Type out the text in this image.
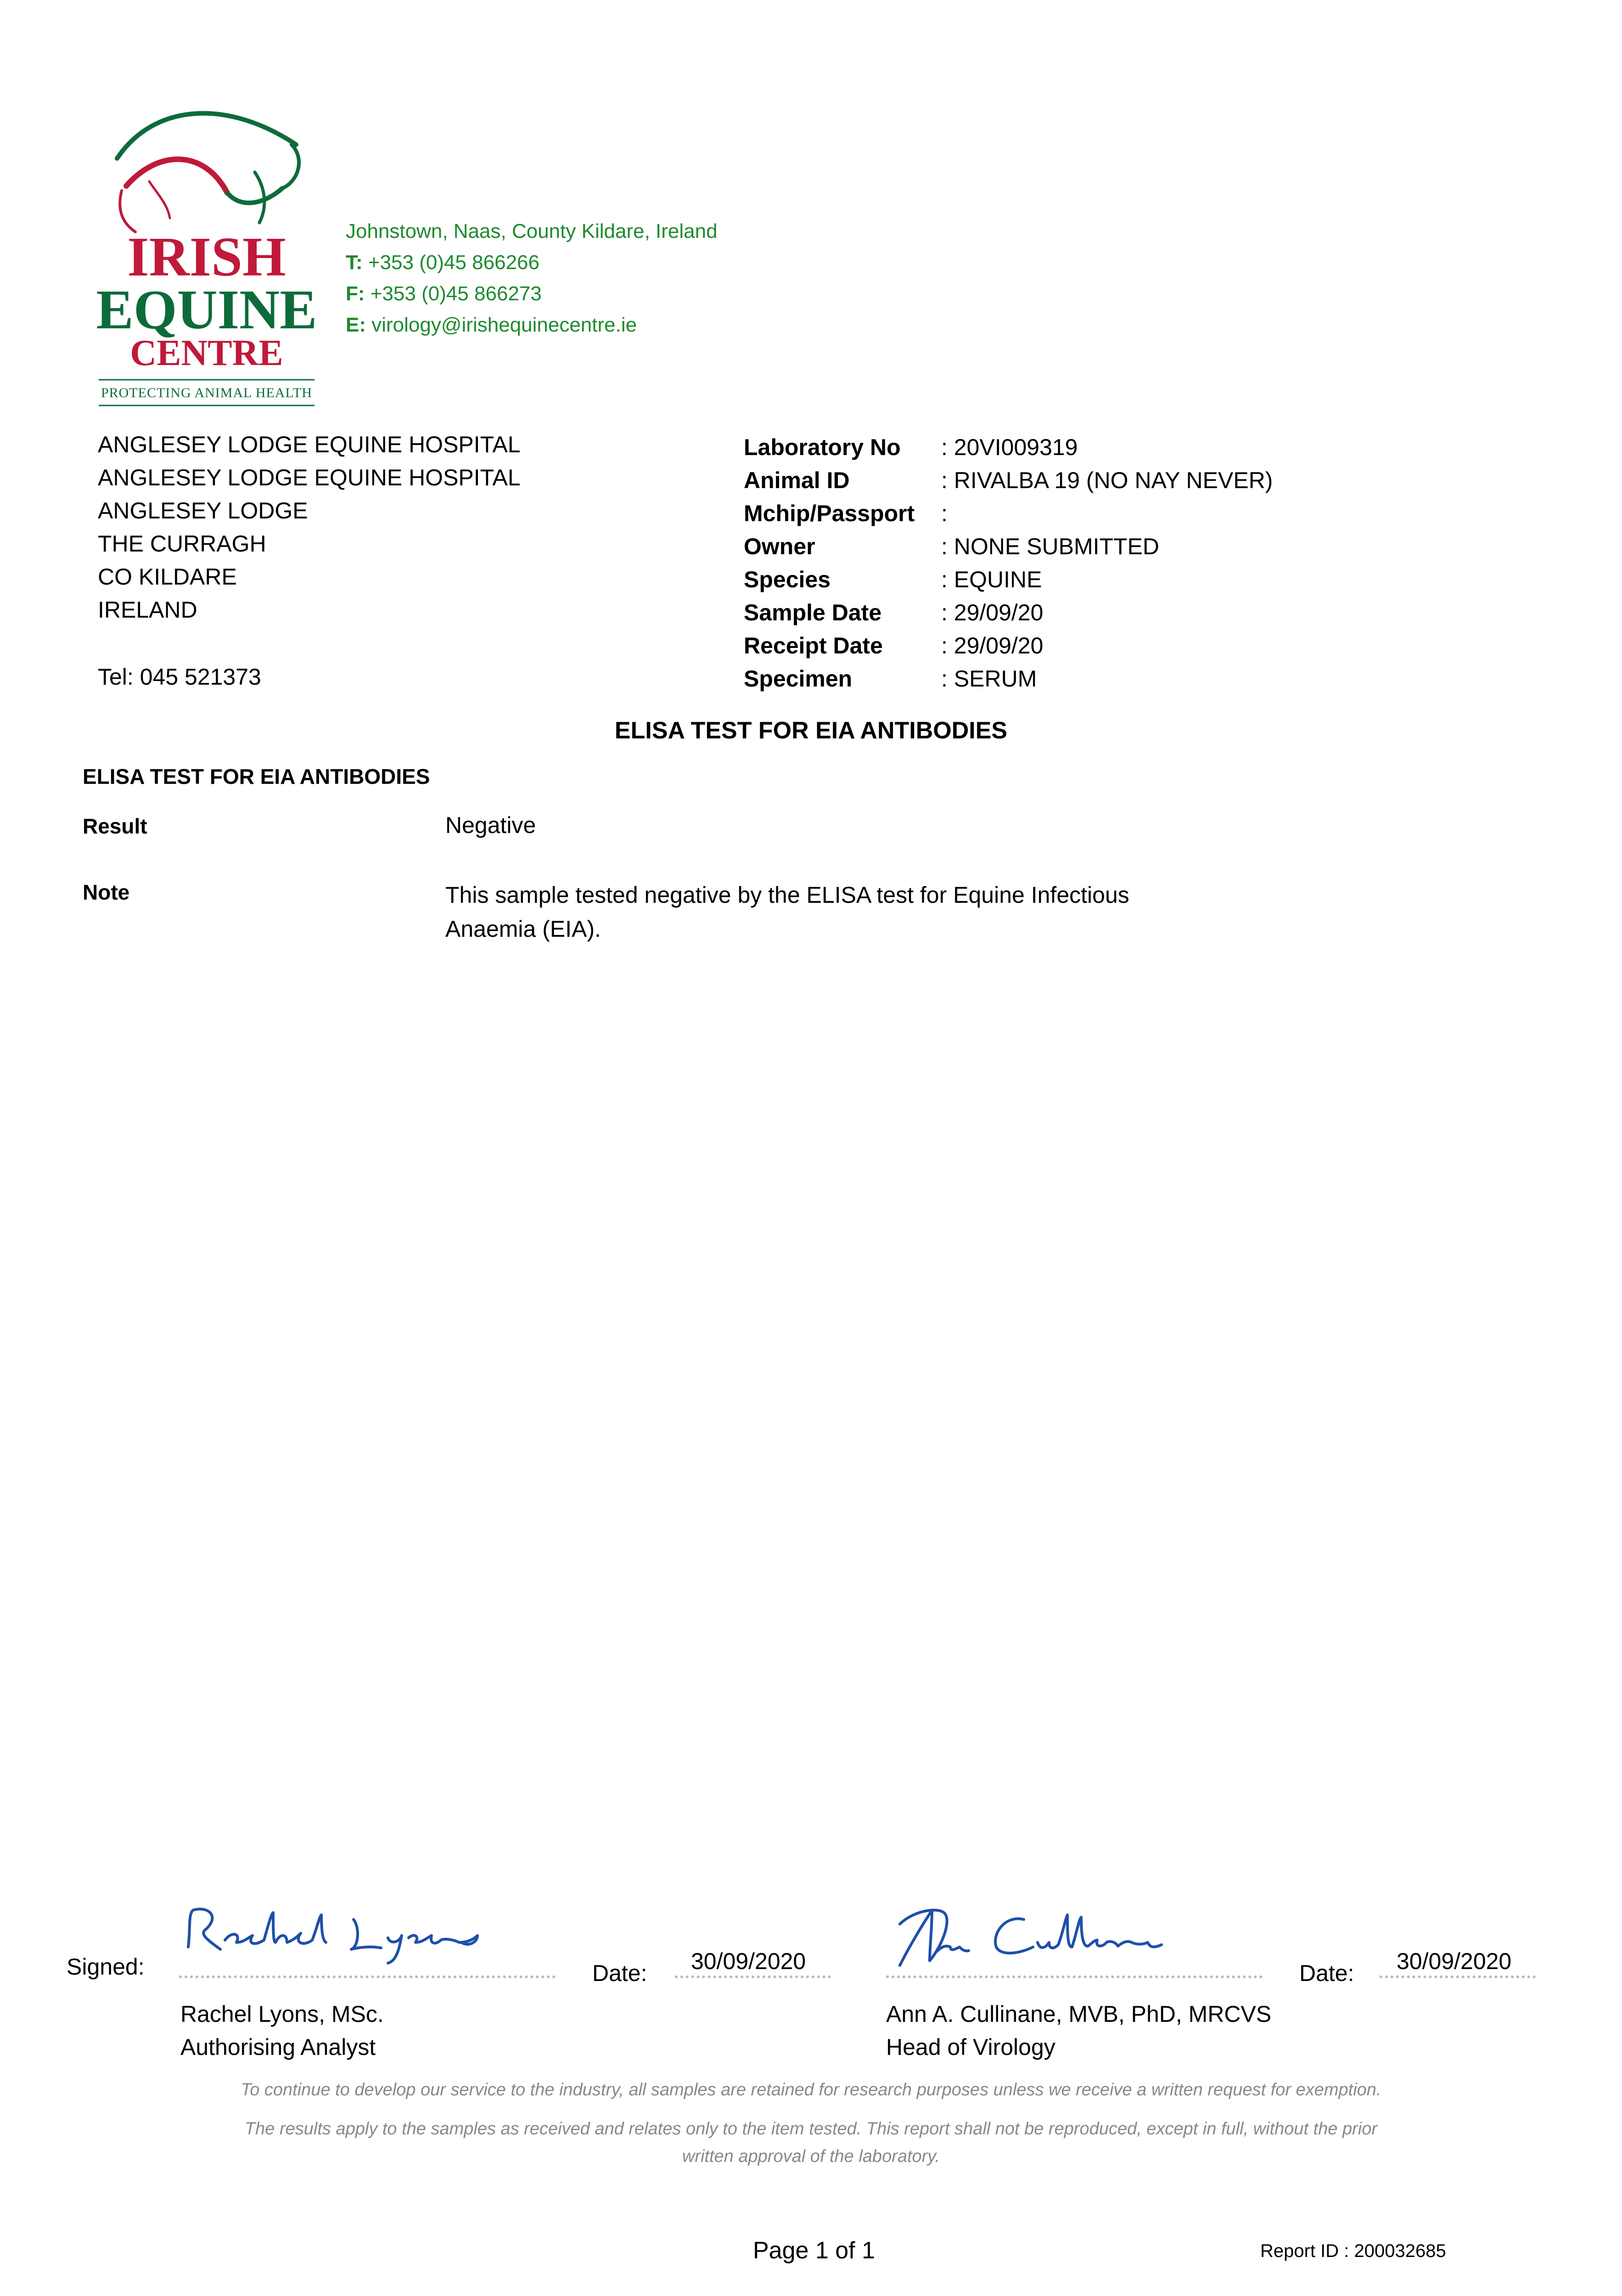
IRISH
EQUINE
CENTRE
PROTECTING ANIMAL HEALTH
Johnstown, Naas, County Kildare, Ireland
T: +353 (0)45 866266
F: +353 (0)45 866273
E: virology@irishequinecentre.ie
ANGLESEY LODGE EQUINE HOSPITAL
ANGLESEY LODGE EQUINE HOSPITAL
ANGLESEY LODGE
THE CURRAGH
CO KILDARE
IRELAND
Tel: 045 521373
Laboratory No : 20VI009319
Animal ID	: RIVALBA 19 (NO NAY NEVER)
Mchip/Passport :
Owner	: NONE SUBMITTED
Species	: EQUINE
Sample Date	: 29/09/20
Receipt Date	: 29/09/20
Specimen	: SERUM
ELISA TEST FOR EIA ANTIBODIES
ELISA TEST FOR EIA ANTIBODIES
Result	Negative
Note	This sample tested negative by the ELISA test for Equine Infectious
Anaemia (EIA).
Signed:	Date: 30/09/2020
Rachel Lyons, MSc.
Authorising Analyst
Date: 30/09/2020
Ann A. Cullinane, MVB, PhD, MRCVS
Head of Virology
To continue to develop our service to the industry, all samples are retained for research purposes unless we receive a written request for exemption.
The results apply to the samples as received and relates only to the item tested. This report shall not be reproduced, except in full, without the prior
written approval of the laboratory.
Page 1 of 1	Report ID : 200032685
